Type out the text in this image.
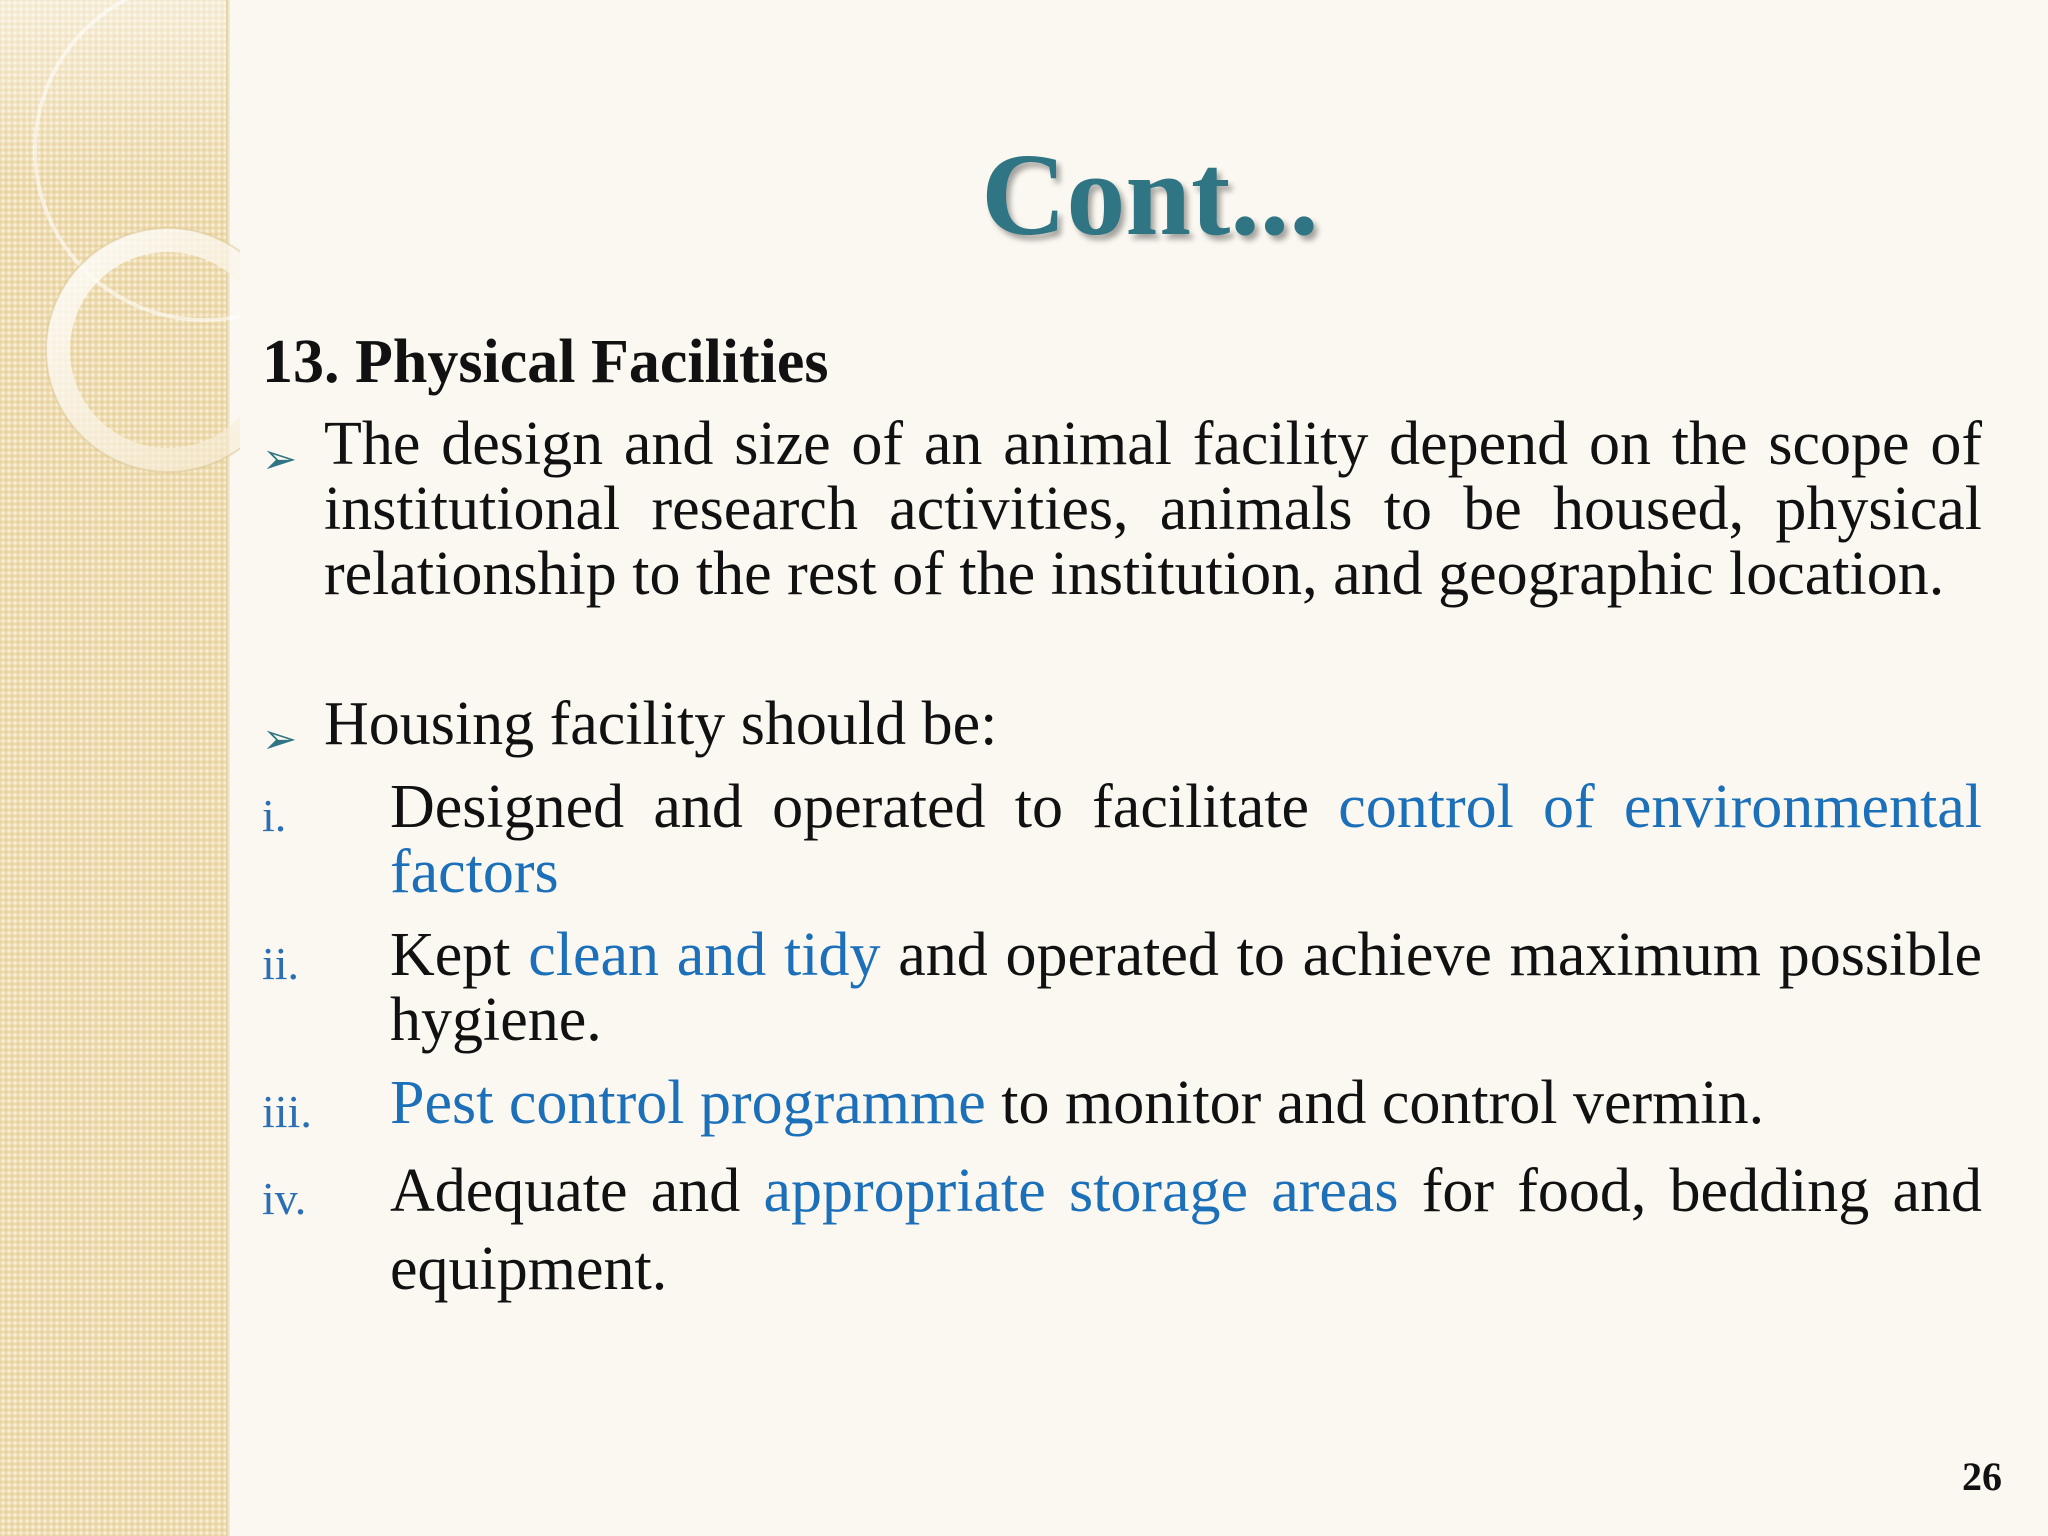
Cont...
13. Physical Facilities
➢ The design and size of an animal facility depend on the scope of institutional research activities, animals to be housed, physical relationship to the rest of the institution, and geographic location.
➢ Housing facility should be:
i. Designed and operated to facilitate control of environmental factors
ii. Kept clean and tidy and operated to achieve maximum possible hygiene.
iii. Pest control programme to monitor and control vermin.
iv. Adequate and appropriate storage areas for food, bedding and equipment.
26
